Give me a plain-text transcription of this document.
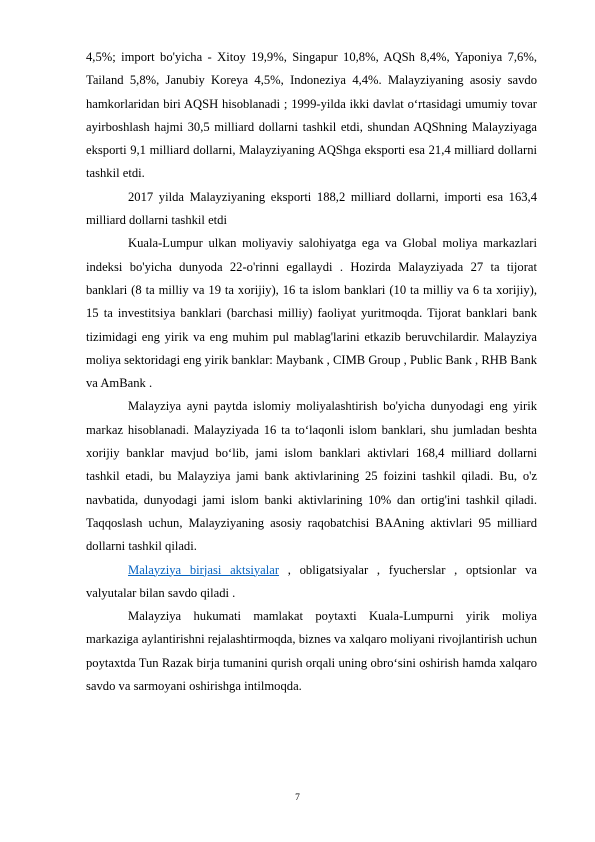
4,5%; import bo'yicha - Xitoy 19,9%, Singapur 10,8%, AQSh 8,4%, Yaponiya 7,6%, Tailand 5,8%, Janubiy Koreya 4,5%, Indoneziya 4,4%. Malayziyaning asosiy savdo hamkorlaridan biri AQSH hisoblanadi ; 1999-yilda ikki davlat oʻrtasidagi umumiy tovar ayirboshlash hajmi 30,5 milliard dollarni tashkil etdi, shundan AQShning Malayziyaga eksporti 9,1 milliard dollarni, Malayziyaning AQShga eksporti esa 21,4 milliard dollarni tashkil etdi.

2017 yilda Malayziyaning eksporti 188,2 milliard dollarni, importi esa 163,4 milliard dollarni tashkil etdi

Kuala-Lumpur ulkan moliyaviy salohiyatga ega va Global moliya markazlari indeksi bo'yicha dunyoda 22-o'rinni egallaydi . Hozirda Malayziyada 27 ta tijorat banklari (8 ta milliy va 19 ta xorijiy), 16 ta islom banklari (10 ta milliy va 6 ta xorijiy), 15 ta investitsiya banklari (barchasi milliy) faoliyat yuritmoqda. Tijorat banklari bank tizimidagi eng yirik va eng muhim pul mablag'larini etkazib beruvchilardir. Malayziya moliya sektoridagi eng yirik banklar: Maybank , CIMB Group , Public Bank , RHB Bank va AmBank .

Malayziya ayni paytda islomiy moliyalashtirish bo'yicha dunyodagi eng yirik markaz hisoblanadi. Malayziyada 16 ta toʻlaqonli islom banklari, shu jumladan beshta xorijiy banklar mavjud boʻlib, jami islom banklari aktivlari 168,4 milliard dollarni tashkil etadi, bu Malayziya jami bank aktivlarining 25 foizini tashkil qiladi. Bu, o'z navbatida, dunyodagi jami islom banki aktivlarining 10% dan ortig'ini tashkil qiladi. Taqqoslash uchun, Malayziyaning asosiy raqobatchisi BAAning aktivlari 95 milliard dollarni tashkil qiladi.

Malayziya birjasi aktsiyalar , obligatsiyalar , fyucherslar , optsionlar va valyutalar bilan savdo qiladi .

Malayziya hukumati mamlakat poytaxti Kuala-Lumpurni yirik moliya markaziga aylantirishni rejalashtirmoqda, biznes va xalqaro moliyani rivojlantirish uchun poytaxtda Tun Razak birja tumanini qurish orqali uning obroʻsini oshirish hamda xalqaro savdo va sarmoyani oshirishga intilmoqda.

7
